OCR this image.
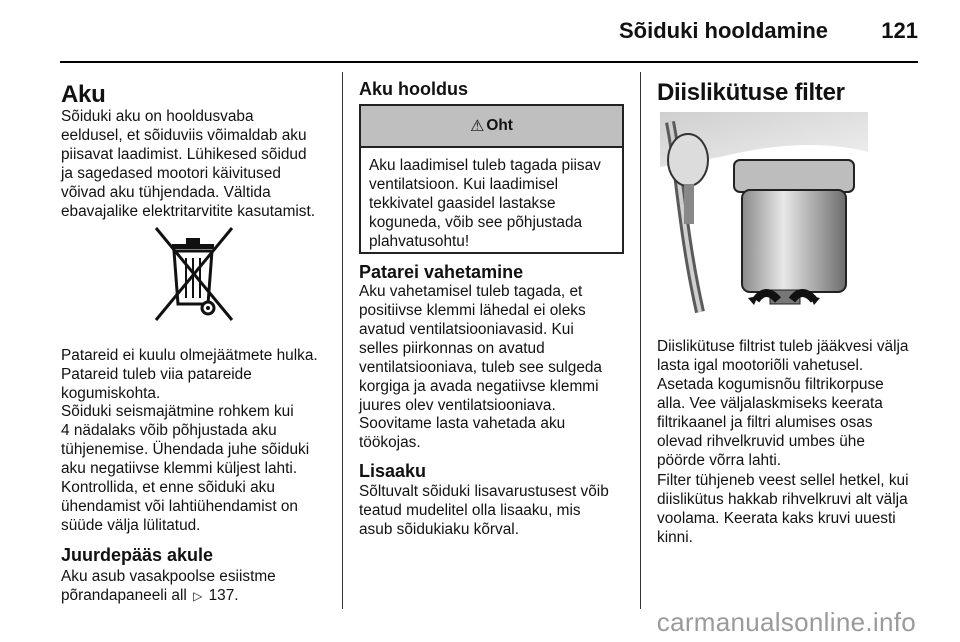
Sõiduki hooldamine 121
Aku
Sõiduki aku on hooldusvaba
eeldusel, et sõiduviis võimaldab aku
piisavat laadimist. Lühikesed sõidud
ja sagedased mootori käivitused
võivad aku tühjendada. Vältida
ebavajalike elektritarvitite kasutamist.
Patareid ei kuulu olmejäätmete hulka.
Patareid tuleb viia patareide
kogumiskohta.
Sõiduki seismajätmine rohkem kui
4 nädalaks võib põhjustada aku
tühjenemise. Ühendada juhe sõiduki
aku negatiivse klemmi küljest lahti.
Kontrollida, et enne sõiduki aku
ühendamist või lahtiühendamist on
süüde välja lülitatud.
Juurdepääs akule
Aku asub vasakpoolse esiistme
põrandapaneeli all ▷ 137.
Aku hooldus
⚠ Oht
Aku laadimisel tuleb tagada piisav
ventilatsioon. Kui laadimisel
tekkivatel gaasidel lastakse
koguneda, võib see põhjustada
plahvatusohtu!
Patarei vahetamine
Aku vahetamisel tuleb tagada, et
positiivse klemmi lähedal ei oleks
avatud ventilatsiooniavasid. Kui
selles piirkonnas on avatud
ventilatsiooniava, tuleb see sulgeda
korgiga ja avada negatiivse klemmi
juures olev ventilatsiooniava.
Soovitame lasta vahetada aku
töökojas.
Lisaaku
Sõltuvalt sõiduki lisavarustusest võib
teatud mudelitel olla lisaaku, mis
asub sõidukiaku kõrval.
Diislikütuse filter
Diislikütuse filtrist tuleb jääkvesi välja
lasta igal mootoriõli vahetusel.
Asetada kogumisnõu filtrikorpuse
alla. Vee väljalaskmiseks keerata
filtrikaanel ja filtri alumises osas
olevad rihvelkruvid umbes ühe
pöörde võrra lahti.
Filter tühjeneb veest sellel hetkel, kui
diislikütus hakkab rihvelkruvi alt välja
voolama. Keerata kaks kruvi uuesti
kinni.
carmanualsonline.info
